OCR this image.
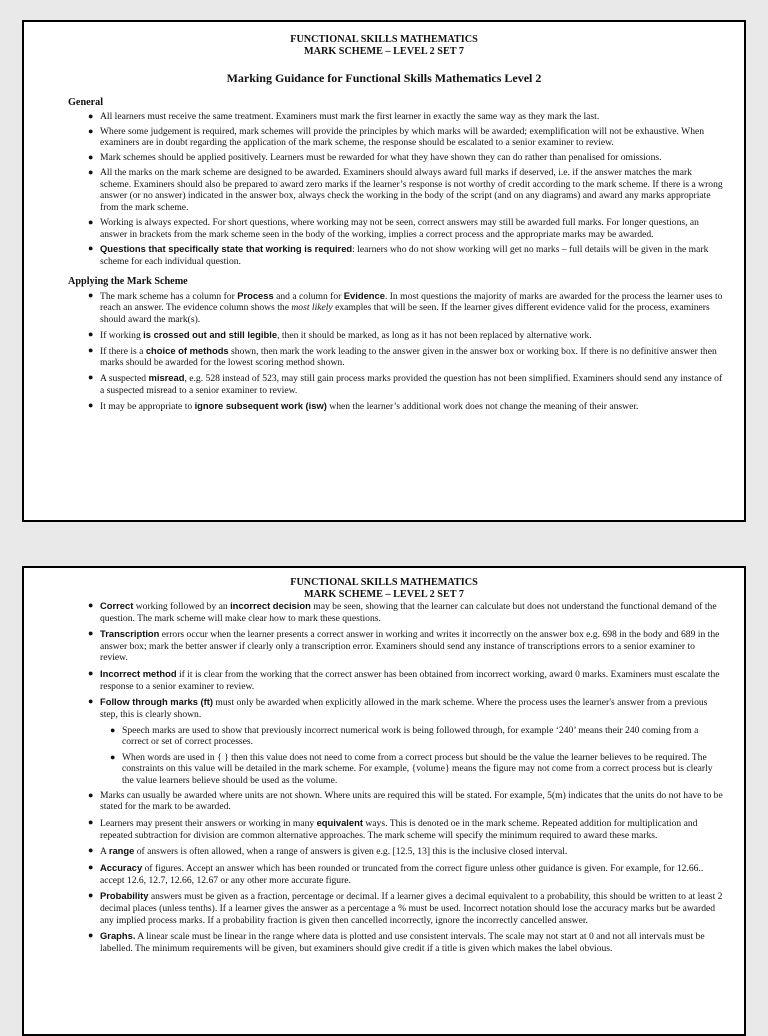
FUNCTIONAL SKILLS MATHEMATICS
MARK SCHEME – LEVEL 2 SET 7
Marking Guidance for Functional Skills Mathematics Level 2
General
● All learners must receive the same treatment. Examiners must mark the first learner in exactly the same way as they mark the last.
● Where some judgement is required, mark schemes will provide the principles by which marks will be awarded; exemplification will not be exhaustive. When examiners are in doubt regarding the application of the mark scheme, the response should be escalated to a senior examiner to review.
● Mark schemes should be applied positively. Learners must be rewarded for what they have shown they can do rather than penalised for omissions.
● All the marks on the mark scheme are designed to be awarded. Examiners should always award full marks if deserved, i.e. if the answer matches the mark scheme. Examiners should also be prepared to award zero marks if the learner’s response is not worthy of credit according to the mark scheme. If there is a wrong answer (or no answer) indicated in the answer box, always check the working in the body of the script (and on any diagrams) and award any marks appropriate from the mark scheme.
● Working is always expected. For short questions, where working may not be seen, correct answers may still be awarded full marks. For longer questions, an answer in brackets from the mark scheme seen in the body of the working, implies a correct process and the appropriate marks may be awarded.
● Questions that specifically state that working is required: learners who do not show working will get no marks – full details will be given in the mark scheme for each individual question.
Applying the Mark Scheme
● The mark scheme has a column for Process and a column for Evidence. In most questions the majority of marks are awarded for the process the learner uses to reach an answer. The evidence column shows the most likely examples that will be seen. If the learner gives different evidence valid for the process, examiners should award the mark(s).
● If working is crossed out and still legible, then it should be marked, as long as it has not been replaced by alternative work.
● If there is a choice of methods shown, then mark the work leading to the answer given in the answer box or working box. If there is no definitive answer then marks should be awarded for the lowest scoring method shown.
● A suspected misread, e.g. 528 instead of 523, may still gain process marks provided the question has not been simplified. Examiners should send any instance of a suspected misread to a senior examiner to review.
● It may be appropriate to ignore subsequent work (isw) when the learner’s additional work does not change the meaning of their answer.
FUNCTIONAL SKILLS MATHEMATICS
MARK SCHEME – LEVEL 2 SET 7
● Correct working followed by an incorrect decision may be seen, showing that the learner can calculate but does not understand the functional demand of the question. The mark scheme will make clear how to mark these questions.
● Transcription errors occur when the learner presents a correct answer in working and writes it incorrectly on the answer box e.g. 698 in the body and 689 in the answer box; mark the better answer if clearly only a transcription error. Examiners should send any instance of transcriptions errors to a senior examiner to review.
● Incorrect method if it is clear from the working that the correct answer has been obtained from incorrect working, award 0 marks. Examiners must escalate the response to a senior examiner to review.
● Follow through marks (ft) must only be awarded when explicitly allowed in the mark scheme. Where the process uses the learner's answer from a previous step, this is clearly shown.
● Speech marks are used to show that previously incorrect numerical work is being followed through, for example ‘240’ means their 240 coming from a correct or set of correct processes.
● When words are used in { } then this value does not need to come from a correct process but should be the value the learner believes to be required. The constraints on this value will be detailed in the mark scheme. For example, {volume} means the figure may not come from a correct process but is clearly the value learners believe should be used as the volume.
● Marks can usually be awarded where units are not shown. Where units are required this will be stated. For example, 5(m) indicates that the units do not have to be stated for the mark to be awarded.
● Learners may present their answers or working in many equivalent ways. This is denoted oe in the mark scheme. Repeated addition for multiplication and repeated subtraction for division are common alternative approaches. The mark scheme will specify the minimum required to award these marks.
● A range of answers is often allowed, when a range of answers is given e.g. [12.5, 13] this is the inclusive closed interval.
● Accuracy of figures. Accept an answer which has been rounded or truncated from the correct figure unless other guidance is given. For example, for 12.66.. accept 12.6, 12.7, 12.66, 12.67 or any other more accurate figure.
● Probability answers must be given as a fraction, percentage or decimal. If a learner gives a decimal equivalent to a probability, this should be written to at least 2 decimal places (unless tenths). If a learner gives the answer as a percentage a % must be used. Incorrect notation should lose the accuracy marks but be awarded any implied process marks. If a probability fraction is given then cancelled incorrectly, ignore the incorrectly cancelled answer.
● Graphs. A linear scale must be linear in the range where data is plotted and use consistent intervals. The scale may not start at 0 and not all intervals must be labelled. The minimum requirements will be given, but examiners should give credit if a title is given which makes the label obvious.
